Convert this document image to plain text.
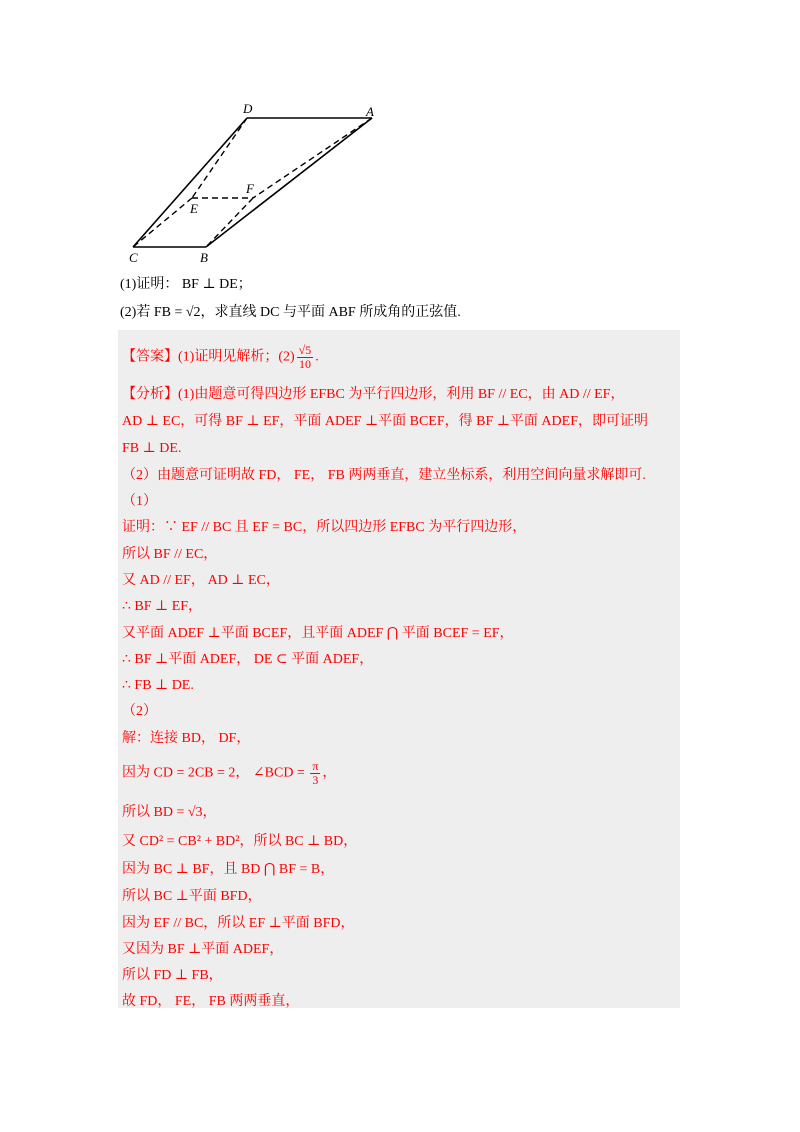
D	A
F
E
C	B
(1)证明： BF ⊥ DE；
(2)若 FB = √2，求直线 DC 与平面 ABF 所成角的正弦值.
【答案】(1)证明见解析；$(2) \frac{√5}{10}$ .
【分析】(1)由题意可得四边形 EFBC 为平行四边形，利用 BF // EC，由 AD // EF，
AD ⊥ EC，可得 BF ⊥ EF，平面 ADEF ⊥平面 BCEF，得 BF ⊥平面 ADEF，即可证明
FB ⊥ DE.
（2）由题意可证明故 FD， FE， FB 两两垂直，建立坐标系，利用空间向量求解即可.
（1）
证明：∵ EF // BC 且 EF = BC，所以四边形 EFBC 为平行四边形，
所以 BF // EC，
又 AD // EF， AD ⊥ EC，
∴ BF ⊥ EF，
又平面 ADEF ⊥平面 BCEF，且平面 ADEF ⋂ 平面 BCEF = EF，
∴ BF ⊥平面 ADEF， DE ⊂ 平面 ADEF，
∴ FB ⊥ DE.
（2）
解：连接 BD， DF，
因为 CD = 2CB = 2， ∠BCD = $\frac{\pi}{3}$ ，
所以 BD = √3，
又 CD² = CB² + BD²，所以 BC ⊥ BD，
因为 BC ⊥ BF，且 BD ⋂ BF = B，
所以 BC ⊥平面 BFD，
因为 EF // BC，所以 EF ⊥平面 BFD，
又因为 BF ⊥平面 ADEF，
所以 FD ⊥ FB，
故 FD， FE， FB 两两垂直，
